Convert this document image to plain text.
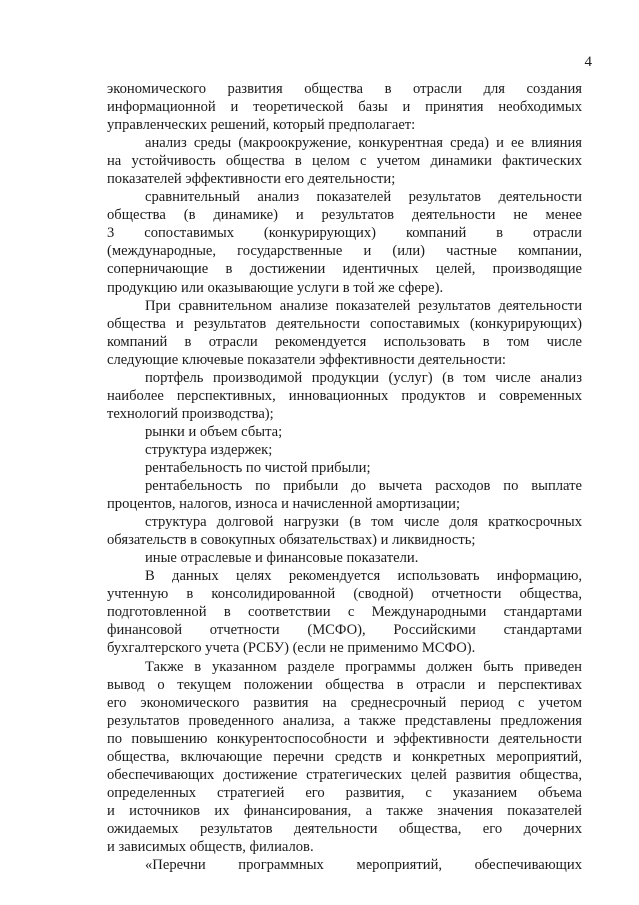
4
экономического развития общества в отрасли для создания
информационной и теоретической базы и принятия необходимых
управленческих решений, который предполагает:
анализ среды (макроокружение, конкурентная среда) и ее влияния
на устойчивость общества в целом с учетом динамики фактических
показателей эффективности его деятельности;
сравнительный анализ показателей результатов деятельности
общества (в динамике) и результатов деятельности не менее
3 сопоставимых (конкурирующих) компаний в отрасли
(международные, государственные и (или) частные компании,
соперничающие в достижении идентичных целей, производящие
продукцию или оказывающие услуги в той же сфере).
При сравнительном анализе показателей результатов деятельности
общества и результатов деятельности сопоставимых (конкурирующих)
компаний в отрасли рекомендуется использовать в том числе
следующие ключевые показатели эффективности деятельности:
портфель производимой продукции (услуг) (в том числе анализ
наиболее перспективных, инновационных продуктов и современных
технологий производства);
рынки и объем сбыта;
структура издержек;
рентабельность по чистой прибыли;
рентабельность по прибыли до вычета расходов по выплате
процентов, налогов, износа и начисленной амортизации;
структура долговой нагрузки (в том числе доля краткосрочных
обязательств в совокупных обязательствах) и ликвидность;
иные отраслевые и финансовые показатели.
В данных целях рекомендуется использовать информацию,
учтенную в консолидированной (сводной) отчетности общества,
подготовленной в соответствии с Международными стандартами
финансовой отчетности (МСФО), Российскими стандартами
бухгалтерского учета (РСБУ) (если не применимо МСФО).
Также в указанном разделе программы должен быть приведен
вывод о текущем положении общества в отрасли и перспективах
его экономического развития на среднесрочный период с учетом
результатов проведенного анализа, а также представлены предложения
по повышению конкурентоспособности и эффективности деятельности
общества, включающие перечни средств и конкретных мероприятий,
обеспечивающих достижение стратегических целей развития общества,
определенных стратегией его развития, с указанием объема
и источников их финансирования, а также значения показателей
ожидаемых результатов деятельности общества, его дочерних
и зависимых обществ, филиалов.
«Перечни программных мероприятий, обеспечивающих
